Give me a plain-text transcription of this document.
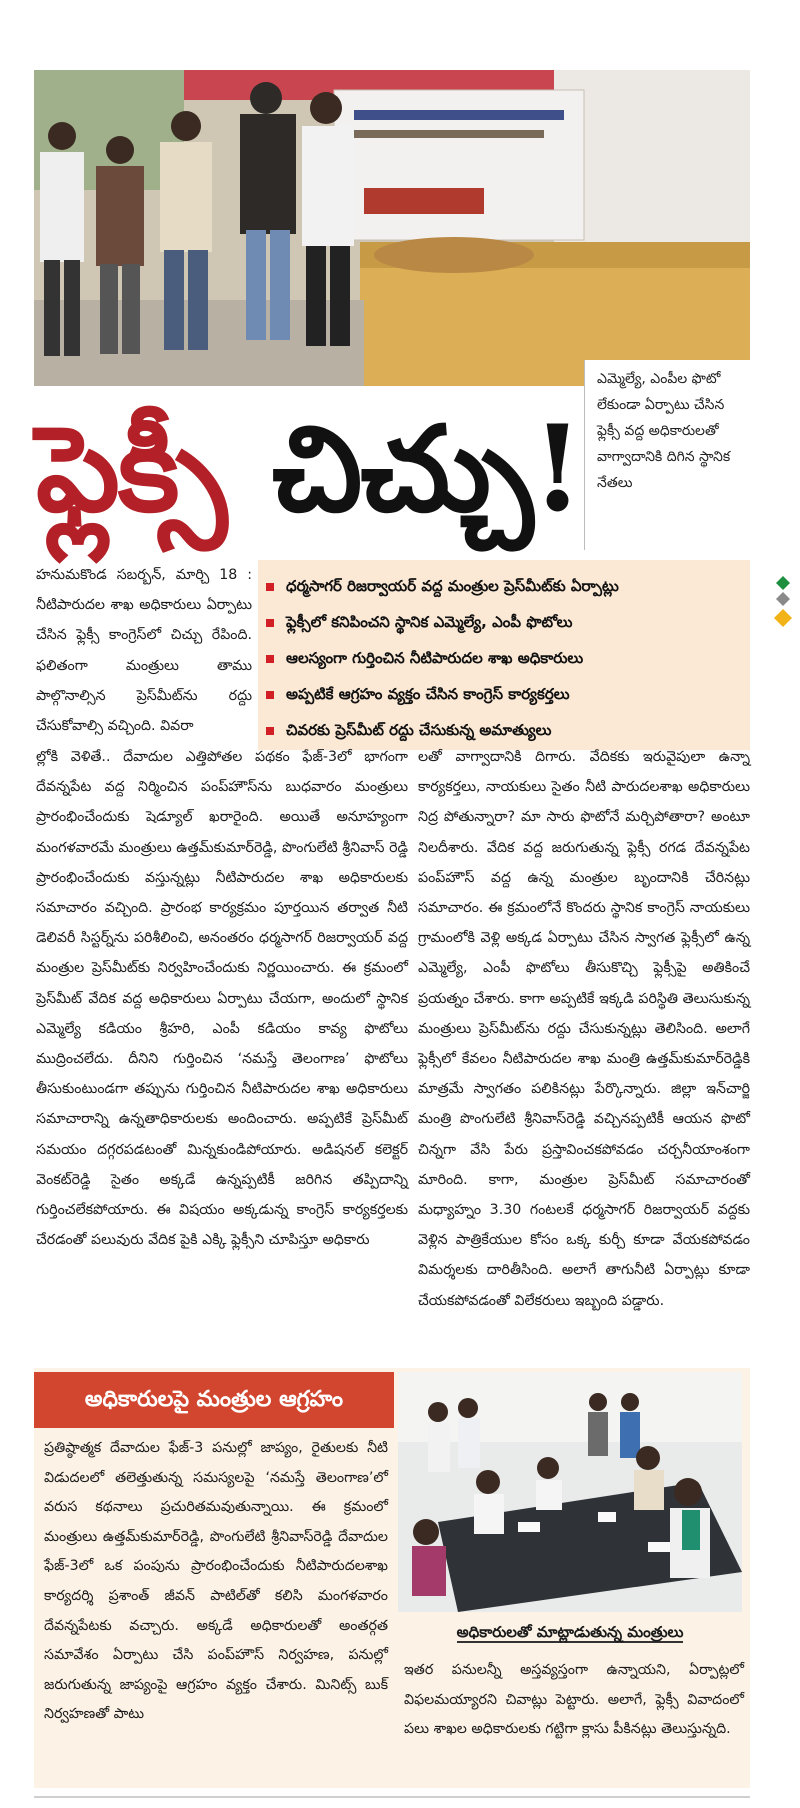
ఎమ్మెల్యే, ఎంపీల ఫొటో లేకుండా ఏర్పాటు చేసిన ఫ్లెక్సీ వద్ద అధికారులతో వాగ్వాదానికి దిగిన స్థానిక నేతలు

ఫ్లెక్సీ చిచ్చు!
హనుమకొండ సబర్బన్, మార్చి 18 : నీటిపారుదల శాఖ అధికారులు ఏర్పాటు చేసిన ఫ్లెక్సీ కాంగ్రెస్‌లో చిచ్చు రేపింది. ఫలితంగా మంత్రులు తాము పాల్గొనాల్సిన ప్రెస్‌మీట్‌ను రద్దు చేసుకోవాల్సి వచ్చింది. వివరా
ధర్మసాగర్ రిజర్వాయర్ వద్ద మంత్రుల ప్రెస్‌మీట్‌కు ఏర్పాట్లు
ఫ్లెక్సీలో కనిపించని స్థానిక ఎమ్మెల్యే, ఎంపీ ఫొటోలు
ఆలస్యంగా గుర్తించిన నీటిపారుదల శాఖ అధికారులు
అప్పటికే ఆగ్రహం వ్యక్తం చేసిన కాంగ్రెస్ కార్యకర్తలు
చివరకు ప్రెస్‌మీట్ రద్దు చేసుకున్న అమాత్యులు
ల్లోకి వెళితే.. దేవాదుల ఎత్తిపోతల పథకం ఫేజ్-3లో భాగంగా దేవన్నపేట వద్ద నిర్మించిన పంప్‌హౌస్‌ను బుధవారం మంత్రులు ప్రారంభించేందుకు షెడ్యూల్ ఖరారైంది. అయితే అనూహ్యంగా మంగళవారమే మంత్రులు ఉత్తమ్‌కుమార్‌రెడ్డి, పొంగులేటి శ్రీనివాస్ రెడ్డి ప్రారంభించేందుకు వస్తున్నట్లు నీటిపారుదల శాఖ అధికారులకు సమాచారం వచ్చింది. ప్రారంభ కార్యక్రమం పూర్తయిన తర్వాత నీటి డెలివరీ సిస్టర్న్‌ను పరిశీలించి, అనంతరం ధర్మసాగర్ రిజర్వాయర్ వద్ద మంత్రుల ప్రెస్‌మీట్‌కు నిర్వహించేందుకు నిర్ణయించారు. ఈ క్రమంలో ప్రెస్‌మీట్ వేదిక వద్ద అధికారులు ఏర్పాటు చేయగా, అందులో స్థానిక ఎమ్మెల్యే కడియం శ్రీహరి, ఎంపీ కడియం కావ్య ఫొటోలు ముద్రించలేదు. దీనిని గుర్తించిన ‘నమస్తే తెలంగాణ’ ఫొటోలు తీసుకుంటుండగా తప్పును గుర్తించిన నీటిపారుదల శాఖ అధికారులు సమాచారాన్ని ఉన్నతాధికారులకు అందించారు. అప్పటికే ప్రెస్‌మీట్ సమయం దగ్గరపడటంతో మిన్నకుండిపోయారు. అడిషనల్ కలెక్టర్ వెంకట్‌రెడ్డి సైతం అక్కడే ఉన్నప్పటికీ జరిగిన తప్పిదాన్ని గుర్తించలేకపోయారు. ఈ విషయం అక్కడున్న కాంగ్రెస్ కార్యకర్తలకు చేరడంతో పలువురు వేదిక పైకి ఎక్కి ఫ్లెక్సీని చూపిస్తూ అధికారు
లతో వాగ్వాదానికి దిగారు. వేదికకు ఇరువైపులా ఉన్నా కార్యకర్తలు, నాయకులు సైతం నీటి పారుదలశాఖ అధికారులు నిద్ర పోతున్నారా? మా సారు ఫొటోనే మర్చిపోతారా? అంటూ నిలదీశారు. వేదిక వద్ద జరుగుతున్న ఫ్లెక్సీ రగడ దేవన్నపేట పంప్‌హౌస్ వద్ద ఉన్న మంత్రుల బృందానికి చేరినట్లు సమాచారం. ఈ క్రమంలోనే కొందరు స్థానిక కాంగ్రెస్ నాయకులు గ్రామంలోకి వెళ్లి అక్కడ ఏర్పాటు చేసిన స్వాగత ఫ్లెక్సీలో ఉన్న ఎమ్మెల్యే, ఎంపీ ఫొటోలు తీసుకొచ్చి ఫ్లెక్సీపై అతికించే ప్రయత్నం చేశారు. కాగా అప్పటికే ఇక్కడి పరిస్థితి తెలుసుకున్న మంత్రులు ప్రెస్‌మీట్‌ను రద్దు చేసుకున్నట్లు తెలిసింది. అలాగే ఫ్లెక్సీలో కేవలం నీటిపారుదల శాఖ మంత్రి ఉత్తమ్‌కుమార్‌రెడ్డికి మాత్రమే స్వాగతం పలికినట్లు పేర్కొన్నారు. జిల్లా ఇన్‌చార్జి మంత్రి పొంగులేటి శ్రీనివాస్‌రెడ్డి వచ్చినప్పటికీ ఆయన ఫొటో చిన్నగా వేసి పేరు ప్రస్తావించకపోవడం చర్చనీయాంశంగా మారింది. కాగా, మంత్రుల ప్రెస్‌మీట్ సమాచారంతో మధ్యాహ్నం 3.30 గంటలకే ధర్మసాగర్ రిజర్వాయర్ వద్దకు వెళ్లిన పాత్రికేయుల కోసం ఒక్క కుర్చీ కూడా వేయకపోవడం విమర్శలకు దారితీసింది. అలాగే తాగునీటి ఏర్పాట్లు కూడా చేయకపోవడంతో విలేకరులు ఇబ్బంది పడ్డారు.
అధికారులపై మంత్రుల ఆగ్రహం
ప్రతిష్ఠాత్మక దేవాదుల ఫేజ్-3 పనుల్లో జాప్యం, రైతులకు నీటి విడుదలలో తలెత్తుతున్న సమస్యలపై ‘నమస్తే తెలంగాణ’లో వరుస కథనాలు ప్రచురితమవుతున్నాయి. ఈ క్రమంలో మంత్రులు ఉత్తమ్‌కుమార్‌రెడ్డి, పొంగులేటి శ్రీనివాస్‌రెడ్డి దేవాదుల ఫేజ్-3లో ఒక పంపును ప్రారంభించేందుకు నీటిపారుదలశాఖ కార్యదర్శి ప్రశాంత్ జీవన్ పాటిల్‌తో కలిసి మంగళవారం దేవన్నపేటకు వచ్చారు. అక్కడే అధికారులతో అంతర్గత సమావేశం ఏర్పాటు చేసి పంప్‌హౌస్ నిర్వహణ, పనుల్లో జరుగుతున్న జాప్యంపై ఆగ్రహం వ్యక్తం చేశారు. మినిట్స్ బుక్ నిర్వహణతో పాటు
అధికారులతో మాట్లాడుతున్న మంత్రులు
ఇతర పనులన్నీ అస్తవ్యస్తంగా ఉన్నాయని, ఏర్పాట్లలో విఫలమయ్యారని చివాట్లు పెట్టారు. అలాగే, ఫ్లెక్సీ వివాదంలో పలు శాఖల అధికారులకు గట్టిగా క్లాసు పీకినట్లు తెలుస్తున్నది.
